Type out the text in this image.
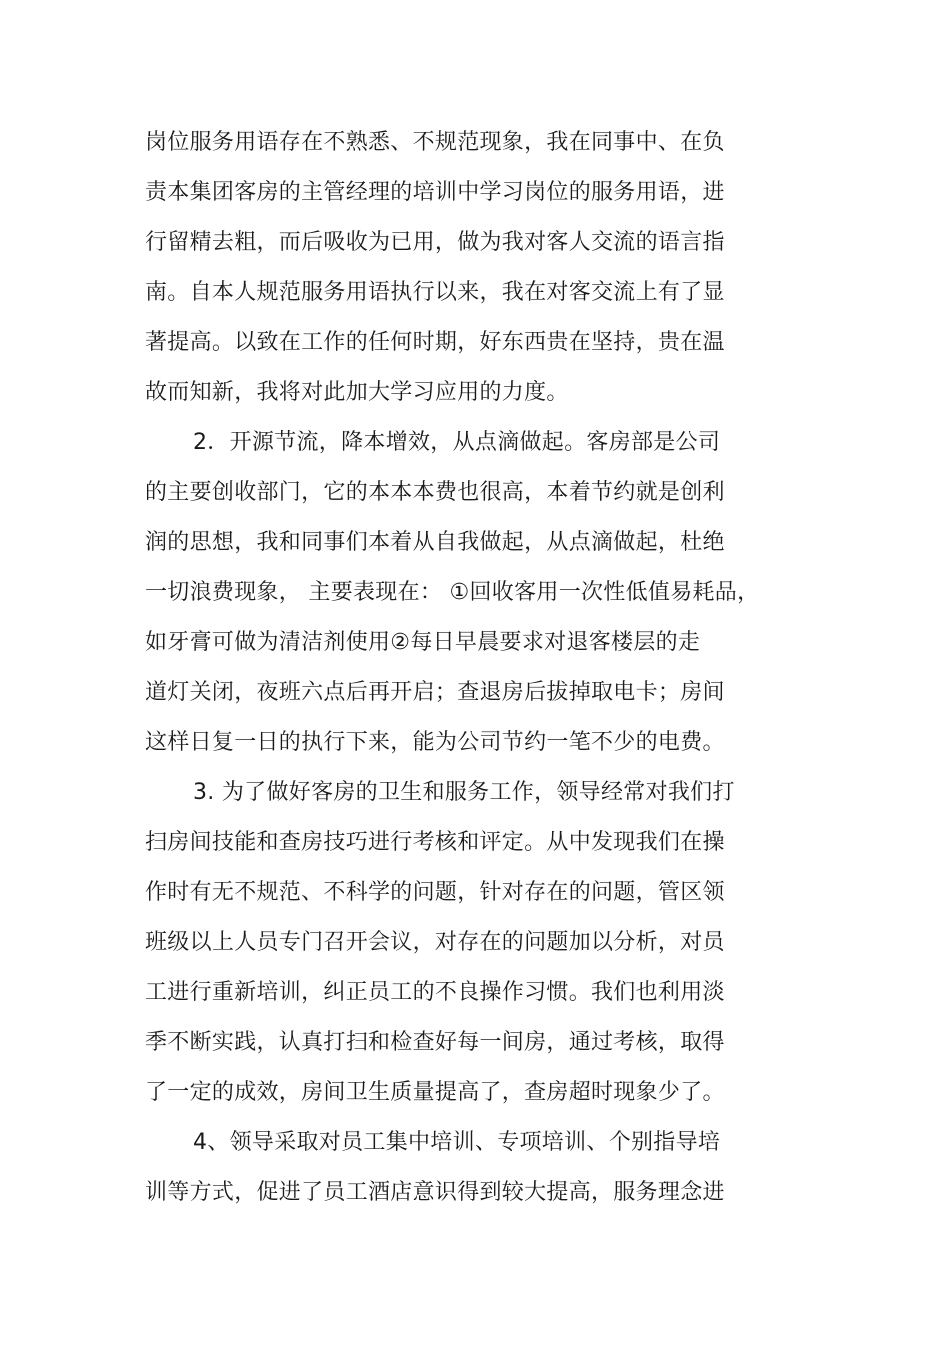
岗位服务用语存在不熟悉、不规范现象，我在同事中、在负
责本集团客房的主管经理的培训中学习岗位的服务用语，进
行留精去粗，而后吸收为已用，做为我对客人交流的语言指
南。自本人规范服务用语执行以来，我在对客交流上有了显
著提高。以致在工作的任何时期，好东西贵在坚持，贵在温
故而知新，我将对此加大学习应用的力度。
2．开源节流，降本增效，从点滴做起。客房部是公司
的主要创收部门，它的本本本费也很高，本着节约就是创利
润的思想，我和同事们本着从自我做起，从点滴做起，杜绝
一切浪费现象， 主要表现在： ①回收客用一次性低值易耗品，
如牙膏可做为清洁剂使用②每日早晨要求对退客楼层的走
道灯关闭，夜班六点后再开启；查退房后拔掉取电卡；房间
这样日复一日的执行下来，能为公司节约一笔不少的电费。
3. 为了做好客房的卫生和服务工作，领导经常对我们打
扫房间技能和查房技巧进行考核和评定。从中发现我们在操
作时有无不规范、不科学的问题，针对存在的问题，管区领
班级以上人员专门召开会议，对存在的问题加以分析，对员
工进行重新培训，纠正员工的不良操作习惯。我们也利用淡
季不断实践，认真打扫和检查好每一间房，通过考核，取得
了一定的成效，房间卫生质量提高了，查房超时现象少了。
4、领导采取对员工集中培训、专项培训、个别指导培
训等方式，促进了员工酒店意识得到较大提高，服务理念进
